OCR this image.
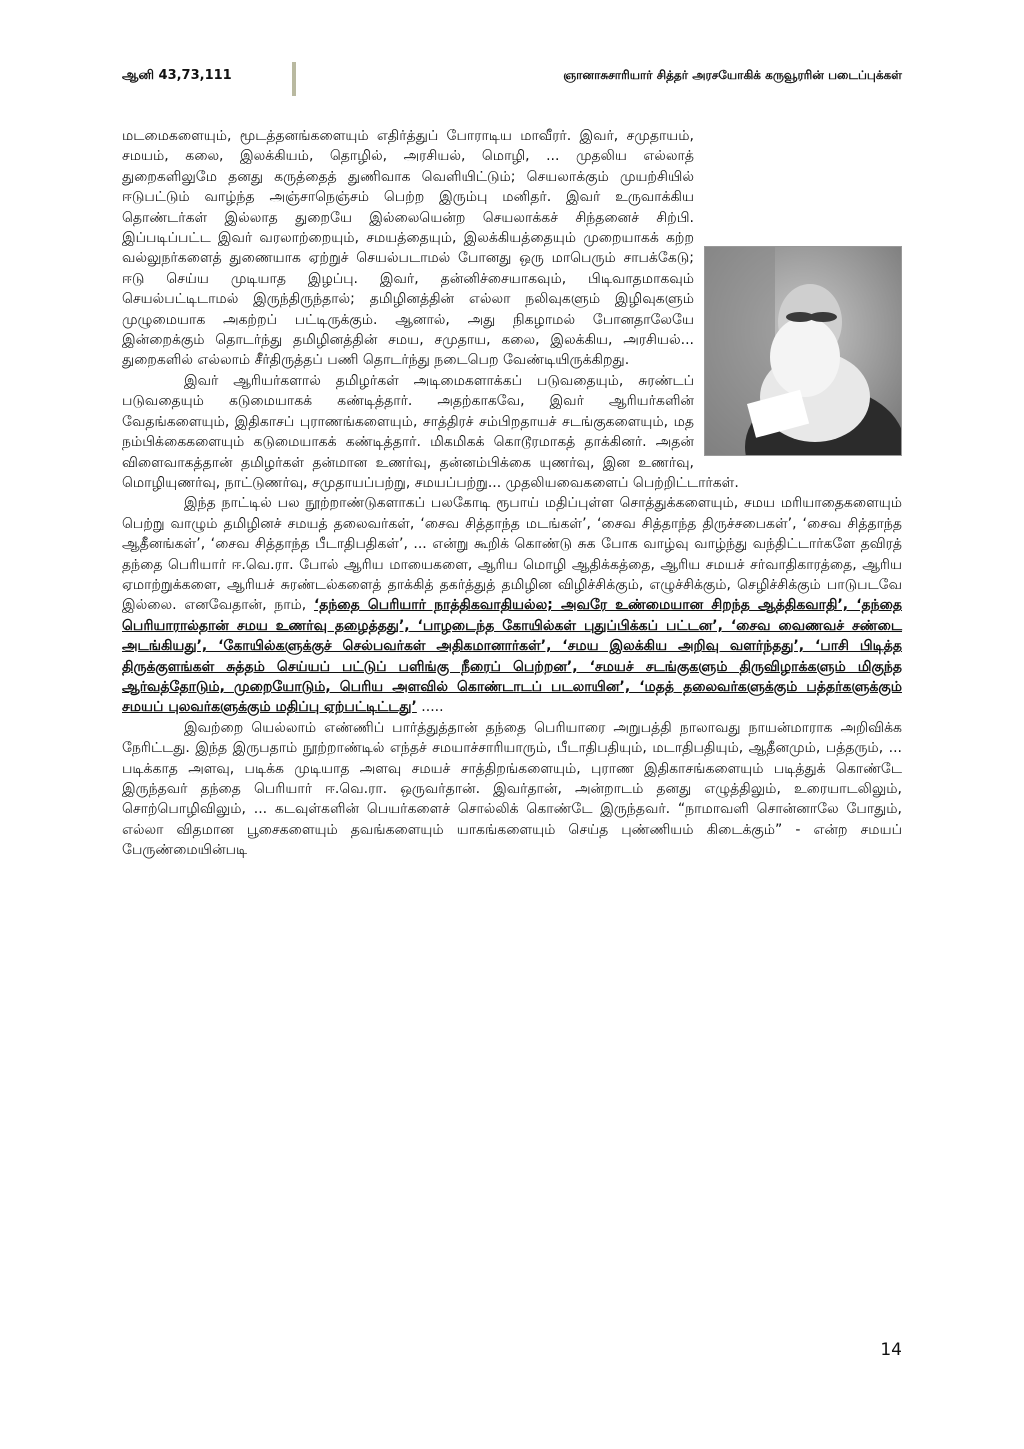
ஆனி 43,73,111	ஞானாசுசாரியார் சித்தர் அரசயோகிக் கருவூரரின் படைப்புக்கள்

மடமைகளையும், மூடத்தனங்களையும் எதிர்த்துப் போராடிய மாவீரர். இவர், சமுதாயம், சமயம், கலை, இலக்கியம், தொழில், அரசியல், மொழி, ... முதலிய எல்லாத் துறைகளிலுமே தனது கருத்தைத் துணிவாக வெளியிட்டும்; செயலாக்கும் முயற்சியில் ஈடுபட்டும் வாழ்ந்த அஞ்சாநெஞ்சம் பெற்ற இரும்பு மனிதர். இவர் உருவாக்கிய தொண்டர்கள் இல்லாத துறையே இல்லையென்ற செயலாக்கச் சிந்தனைச் சிற்பி. இப்படிப்பட்ட இவர் வரலாற்றையும், சமயத்தையும், இலக்கியத்தையும் முறையாகக் கற்ற வல்லுநர்களைத் துணையாக ஏற்றுச் செயல்படாமல் போனது ஒரு மாபெரும் சாபக்கேடு; ஈடு செய்ய முடியாத இழப்பு. இவர், தன்னிச்சையாகவும், பிடிவாதமாகவும் செயல்பட்டிடாமல் இருந்திருந்தால்; தமிழினத்தின் எல்லா நலிவுகளும் இழிவுகளும் முழுமையாக அகற்றப் பட்டிருக்கும். ஆனால், அது நிகழாமல் போனதாலேயே இன்றைக்கும் தொடர்ந்து தமிழினத்தின் சமய, சமுதாய, கலை, இலக்கிய, அரசியல்... துறைகளில் எல்லாம் சீர்திருத்தப் பணி தொடர்ந்து நடைபெற வேண்டியிருக்கிறது.

இவர் ஆரியர்களால் தமிழர்கள் அடிமைகளாக்கப் படுவதையும், சுரண்டப் படுவதையும் கடுமையாகக் கண்டித்தார். அதற்காகவே, இவர் ஆரியர்களின் வேதங்களையும், இதிகாசப் புராணங்களையும், சாத்திரச் சம்பிறதாயச் சடங்குகளையும், மத நம்பிக்கைகளையும் கடுமையாகக் கண்டித்தார். மிகமிகக் கொடூரமாகத் தாக்கினர். அதன் விளைவாகத்தான் தமிழர்கள் தன்மான உணர்வு, தன்னம்பிக்கை யுணர்வு, இன உணர்வு, மொழியுணர்வு, நாட்டுணர்வு, சமுதாயப்பற்று, சமயப்பற்று... முதலியவைகளைப் பெற்றிட்டார்கள்.

இந்த நாட்டில் பல நூற்றாண்டுகளாகப் பலகோடி ரூபாய் மதிப்புள்ள சொத்துக்களையும், சமய மரியாதைகளையும் பெற்று வாழும் தமிழினச் சமயத் தலைவர்கள், ‘சைவ சித்தாந்த மடங்கள்’, ‘சைவ சித்தாந்த திருச்சபைகள்’, ‘சைவ சித்தாந்த ஆதீனங்கள்’, ‘சைவ சித்தாந்த பீடாதிபதிகள்’, ... என்று கூறிக் கொண்டு சுக போக வாழ்வு வாழ்ந்து வந்திட்டார்களே தவிரத் தந்தை பெரியார் ஈ.வெ.ரா. போல் ஆரிய மாயைகளை, ஆரிய மொழி ஆதிக்கத்தை, ஆரிய சமயச் சர்வாதிகாரத்தை, ஆரிய ஏமாற்றுக்களை, ஆரியச் சுரண்டல்களைத் தாக்கித் தகர்த்துத் தமிழின விழிச்சிக்கும், எழுச்சிக்கும், செழிச்சிக்கும் பாடுபடவே இல்லை. எனவேதான், நாம், ‘தந்தை பெரியார் நாத்திகவாதியல்ல; அவரே உண்மையான சிறந்த ஆத்திகவாதி’, ‘தந்தை பெரியாரால்தான் சமய உணர்வு தழைத்தது’, ‘பாழடைந்த கோயில்கள் புதுப்பிக்கப் பட்டன’, ‘சைவ வைணவச் சண்டை அடங்கியது’, ‘கோயில்களுக்குச் செல்பவர்கள் அதிகமானார்கள்’, ‘சமய இலக்கிய அறிவு வளர்ந்தது’, ‘பாசி பிடித்த திருக்குளங்கள் சுத்தம் செய்யப் பட்டுப் பளிங்கு நீரைப் பெற்றன’, ‘சமயச் சடங்குகளும் திருவிழாக்களும் மிகுந்த ஆர்வத்தோடும், முறையோடும், பெரிய அளவில் கொண்டாடப் படலாயின’, ‘மதத் தலைவர்களுக்கும் பத்தர்களுக்கும் சமயப் புலவர்களுக்கும் மதிப்பு ஏற்பட்டிட்டது’ .....

இவற்றை யெல்லாம் எண்ணிப் பார்த்துத்தான் தந்தை பெரியாரை அறுபத்தி நாலாவது நாயன்மாராக அறிவிக்க நேரிட்டது. இந்த இருபதாம் நூற்றாண்டில் எந்தச் சமயாச்சாரியாரும், பீடாதிபதியும், மடாதிபதியும், ஆதீனமும், பத்தரும், ... படிக்காத அளவு, படிக்க முடியாத அளவு சமயச் சாத்திறங்களையும், புராண இதிகாசங்களையும் படித்துக் கொண்டே இருந்தவர் தந்தை பெரியார் ஈ.வெ.ரா. ஒருவர்தான். இவர்தான், அன்றாடம் தனது எழுத்திலும், உரையாடலிலும், சொற்பொழிவிலும், ... கடவுள்களின் பெயர்களைச் சொல்லிக் கொண்டே இருந்தவர். “நாமாவளி சொன்னாலே போதும், எல்லா விதமான பூசைகளையும் தவங்களையும் யாகங்களையும் செய்த புண்ணியம் கிடைக்கும்” - என்ற சமயப் பேருண்மையின்படி

14
